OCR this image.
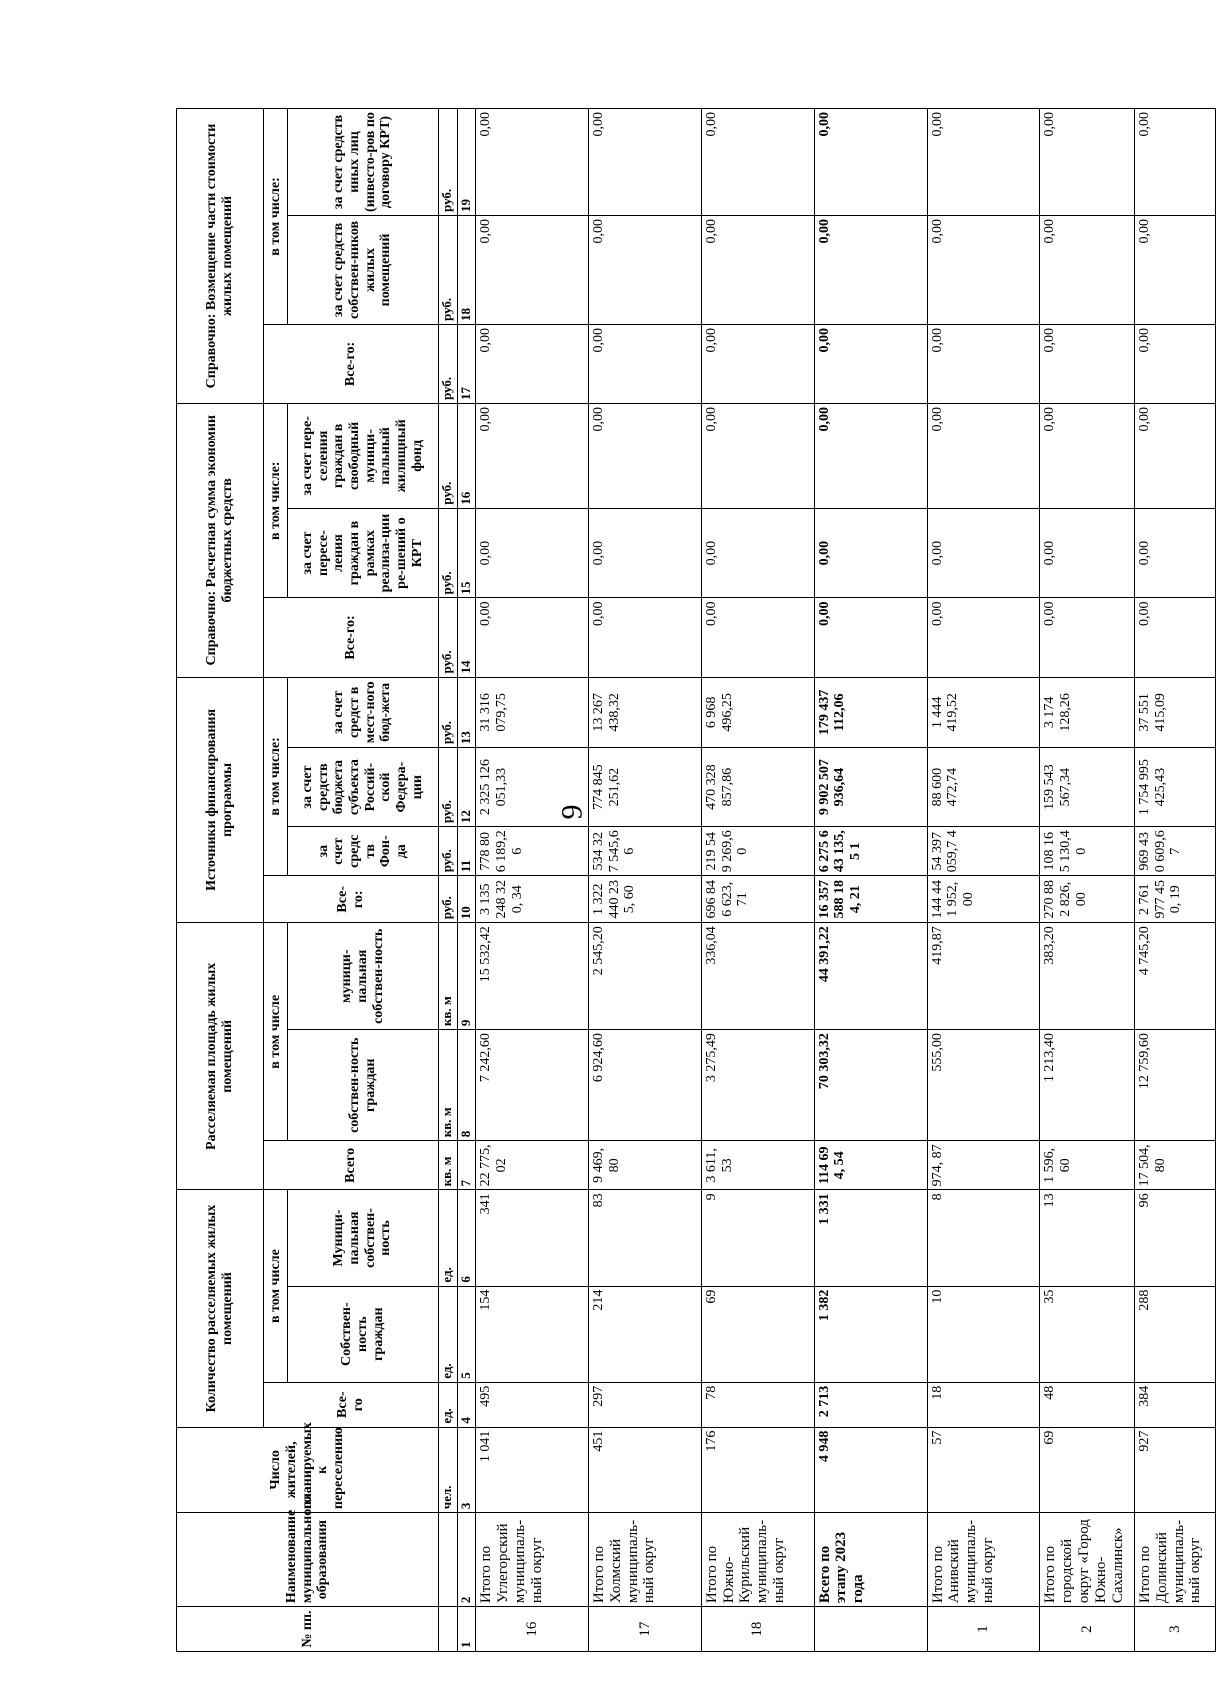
9
№ пп.	Наименование муниципального образования	Число жителей, планируемых к переселению	Количество расселяемых жилых помещений			Расселяемая площадь жилых помещений			Источники финансирования программы				Справочно: Расчетная сумма экономии бюджетных средств			Справочно: Возмещение части стоимости жилых помещений		
			Все-го	в том числе		Всего	в том числе		Все-го:	в том числе:			Все-го:	в том числе:		Все-го:	в том числе:	
				Собствен-ность граждан	Муници-пальная собствен-ность		собствен-ность граждан	муници-пальная собствен-ность		за счет средс тв Фон-да	за счет средств бюджета субъекта Россий-ской Федера-ции	за счет средст в мест-ного бюд-жета		за счет пересе-ления граждан в рамках реализа-ции ре-шений о КРТ	за счет пере-селения граждан в свободный муници-пальный жилищный фонд		за счет средств собствен-ников жилых помещений	за счет средств иных лиц (инвесто-ров по договору КРТ)
		чел.	ед.	ед.	ед.	кв. м	кв. м	кв. м	руб.	руб.	руб.	руб.	руб.	руб.	руб.	руб.	руб.	руб.
1	2	3	4	5	6	7	8	9	10	11	12	13	14	15	16	17	18	19
16	Итого по Углегорский муниципаль-ный округ	1 041	495	154	341	22 775, 02	7 242,60	15 532,42	3 135 248 320, 34	778 806 189,2 6	2 325 126 051,33	31 316 079,75	0,00	0,00	0,00	0,00	0,00	0,00
17	Итого по Холмский муниципаль-ный округ	451	297	214	83	9 469, 80	6 924,60	2 545,20	1 322 440 235, 60	534 327 545,6 6	774 845 251,62	13 267 438,32	0,00	0,00	0,00	0,00	0,00	0,00
18	Итого по Южно-Курильский муниципаль-ный округ	176	78	69	9	3 611, 53	3 275,49	336,04	696 846 623, 71	219 549 269,6 0	470 328 857,86	6 968 496,25	0,00	0,00	0,00	0,00	0,00	0,00
	Всего по этапу 2023 года	4 948	2 713	1 382	1 331	114 694, 54	70 303,32	44 391,22	16 357 588 184, 21	6 275 643 135,5 1	9 902 507 936,64	179 437 112,06	0,00	0,00	0,00	0,00	0,00	0,00
1	Итого по Анивский муниципаль-ный округ	57	18	10	8	974, 87	555,00	419,87	144 441 952, 00	54 397 059,7 4	88 600 472,74	1 444 419,52	0,00	0,00	0,00	0,00	0,00	0,00
2	Итого по городской округ «Город Южно-Сахалинск»	69	48	35	13	1 596, 60	1 213,40	383,20	270 882 826, 00	108 165 130,4 0	159 543 567,34	3 174 128,26	0,00	0,00	0,00	0,00	0,00	0,00
3	Итого по Долинский муниципаль-ный округ	927	384	288	96	17 504, 80	12 759,60	4 745,20	2 761 977 450, 19	969 430 609,6 7	1 754 995 425,43	37 551 415,09	0,00	0,00	0,00	0,00	0,00	0,00
